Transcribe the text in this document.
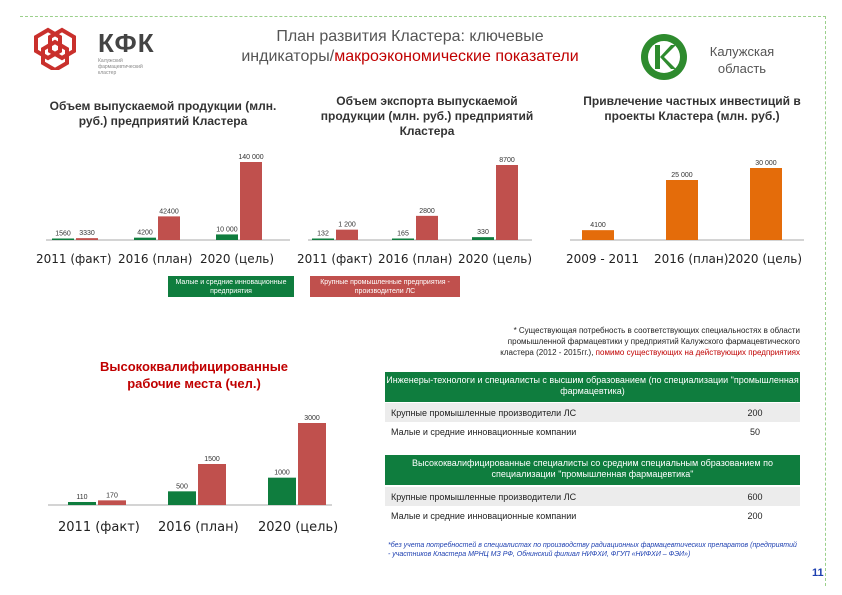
КФК
Калужский фармацевтический кластер
План развития Кластера: ключевые
индикаторы/макроэкономические показатели	Калужская
область
Объем выпускаемой продукции (млн. руб.) предприятий Кластера
Объем экспорта выпускаемой продукции (млн. руб.) предприятий Кластера
Привлечение частных инвестиций в проекты Кластера (млн. руб.)
1560 3330	4200
42400
10 000
140 000
2011 (факт) 2016 (план) 2020 (цель)
132
1 200
165
2800
330
8700
2011 (факт) 2016 (план) 2020 (цель)
4100
25 000
30 000
2009 - 2011 2016 (план) 2020 (цель)
Малые и средние инновационные предприятия
Крупные промышленные предприятия - производители ЛС
Высококвалифицированные рабочие места (чел.)
110	170
500
1500
1000
3000
2011 (факт) 2016 (план) 2020 (цель)
* Существующая потребность в соответствующих специальностях в области
промышленной фармацевтики у предприятий Калужского фармацевтического
кластера (2012 - 2015гг.), помимо существующих на действующих предприятиях
Инженеры-технологи и специалисты с высшим образованием (по специализации "промышленная фармацевтика)
Крупные промышленные производители ЛС	200
Малые и средние инновационные компании	50
Высококвалифицированные специалисты со средним специальным образованием по специализации "промышленная фармацевтика"
Крупные промышленные производители ЛС	600
Малые и средние инновационные компании	200
*без учета потребностей в специалистах по производству радиационных фармацевтических препаратов (предприятий - участников Кластера МРНЦ МЗ РФ, Обнинский филиал НИФХИ, ФГУП «НИФХИ – ФЭИ»)
11
